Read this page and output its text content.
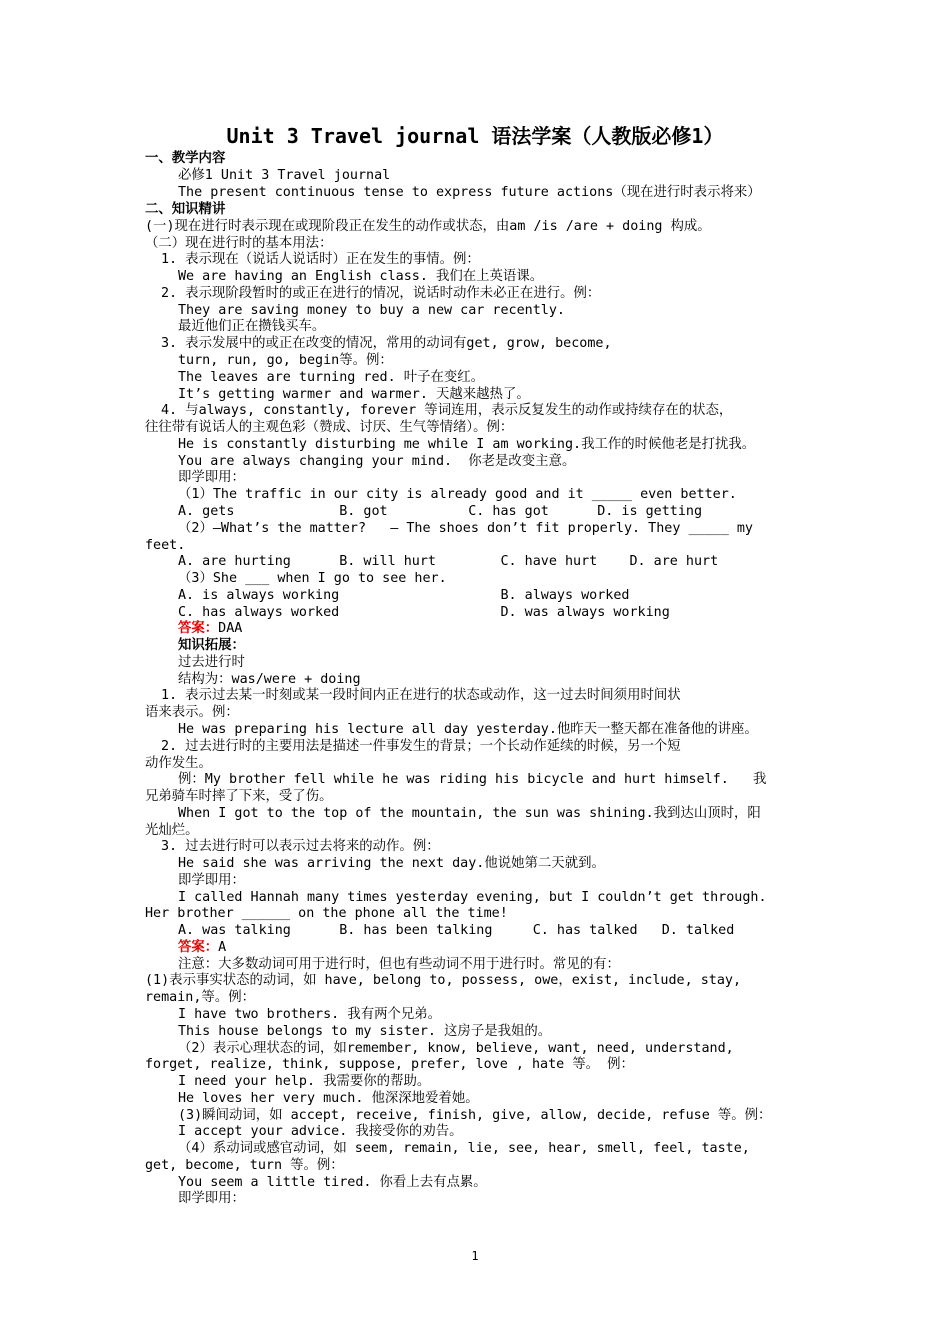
Unit 3 Travel journal 语法学案（人教版必修1）
一、教学内容
必修1 Unit 3 Travel journal
The present continuous tense to express future actions（现在进行时表示将来）
二、知识精讲
(一)现在进行时表示现在或现阶段正在发生的动作或状态，由am /is /are + doing 构成。
（二）现在进行时的基本用法：
1. 表示现在（说话人说话时）正在发生的事情。例：
We are having an English class. 我们在上英语课。
2. 表示现阶段暂时的或正在进行的情况，说话时动作未必正在进行。例：
They are saving money to buy a new car recently.
最近他们正在攒钱买车。
3. 表示发展中的或正在改变的情况，常用的动词有get, grow, become,
turn, run, go, begin等。例：
The leaves are turning red. 叶子在变红。
It’s getting warmer and warmer. 天越来越热了。
4. 与always, constantly, forever 等词连用，表示反复发生的动作或持续存在的状态，
往往带有说话人的主观色彩（赞成、讨厌、生气等情绪）。例：
He is constantly disturbing me while I am working.我工作的时候他老是打扰我。
You are always changing your mind.  你老是改变主意。
即学即用：
（1）The traffic in our city is already good and it _____ even better.
A. gets             B. got          C. has got      D. is getting
（2）—What’s the matter?   — The shoes don’t fit properly. They _____ my
feet.
A. are hurting      B. will hurt        C. have hurt    D. are hurt
（3）She ___ when I go to see her.
A. is always working                    B. always worked
C. has always worked                    D. was always working
答案：DAA
知识拓展：
过去进行时
结构为：was/were + doing
1. 表示过去某一时刻或某一段时间内正在进行的状态或动作，这一过去时间须用时间状
语来表示。例：
He was preparing his lecture all day yesterday.他昨天一整天都在准备他的讲座。
2. 过去进行时的主要用法是描述一件事发生的背景；一个长动作延续的时候，另一个短
动作发生。
例：My brother fell while he was riding his bicycle and hurt himself.   我
兄弟骑车时摔了下来，受了伤。
When I got to the top of the mountain, the sun was shining.我到达山顶时，阳
光灿烂。
3. 过去进行时可以表示过去将来的动作。例：
He said she was arriving the next day.他说她第二天就到。
即学即用：
I called Hannah many times yesterday evening, but I couldn’t get through.
Her brother ______ on the phone all the time!
A. was talking      B. has been talking     C. has talked   D. talked
答案：A
注意：大多数动词可用于进行时，但也有些动词不用于进行时。常见的有：
(1)表示事实状态的动词，如 have, belong to, possess, owe，exist, include, stay,
remain,等。例：
I have two brothers. 我有两个兄弟。
This house belongs to my sister. 这房子是我姐的。
（2）表示心理状态的词，如remember, know, believe, want, need, understand,
forget, realize, think, suppose, prefer, love , hate 等。 例：
I need your help. 我需要你的帮助。
He loves her very much. 他深深地爱着她。
(3)瞬间动词，如 accept, receive, finish, give, allow, decide, refuse 等。例：
I accept your advice. 我接受你的劝告。
（4）系动词或感官动词，如 seem, remain, lie, see, hear, smell, feel, taste,
get, become, turn 等。例：
You seem a little tired. 你看上去有点累。
即学即用：
1
